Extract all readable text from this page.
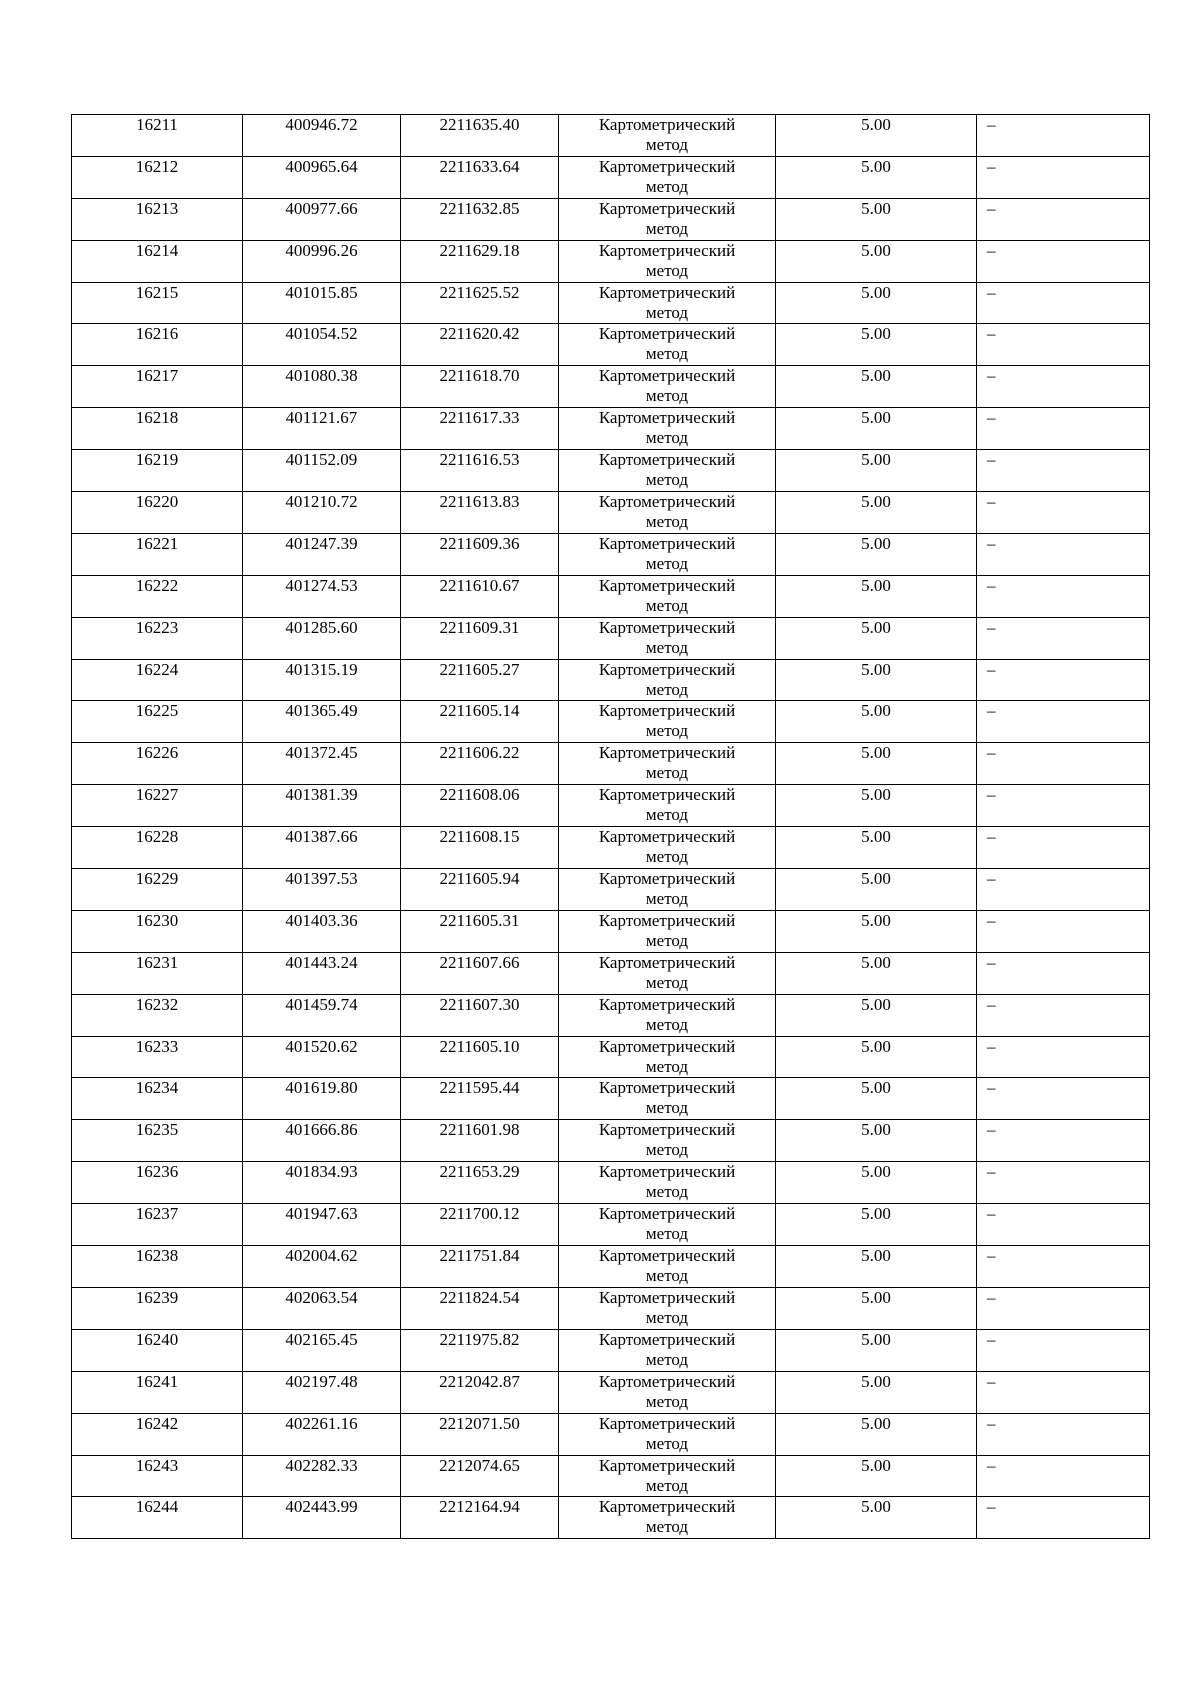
16211	400946.72	2211635.40	Картометрический
метод	5.00	–
16212	400965.64	2211633.64	Картометрический
метод	5.00	–
16213	400977.66	2211632.85	Картометрический
метод	5.00	–
16214	400996.26	2211629.18	Картометрический
метод	5.00	–
16215	401015.85	2211625.52	Картометрический
метод	5.00	–
16216	401054.52	2211620.42	Картометрический
метод	5.00	–
16217	401080.38	2211618.70	Картометрический
метод	5.00	–
16218	401121.67	2211617.33	Картометрический
метод	5.00	–
16219	401152.09	2211616.53	Картометрический
метод	5.00	–
16220	401210.72	2211613.83	Картометрический
метод	5.00	–
16221	401247.39	2211609.36	Картометрический
метод	5.00	–
16222	401274.53	2211610.67	Картометрический
метод	5.00	–
16223	401285.60	2211609.31	Картометрический
метод	5.00	–
16224	401315.19	2211605.27	Картометрический
метод	5.00	–
16225	401365.49	2211605.14	Картометрический
метод	5.00	–
16226	401372.45	2211606.22	Картометрический
метод	5.00	–
16227	401381.39	2211608.06	Картометрический
метод	5.00	–
16228	401387.66	2211608.15	Картометрический
метод	5.00	–
16229	401397.53	2211605.94	Картометрический
метод	5.00	–
16230	401403.36	2211605.31	Картометрический
метод	5.00	–
16231	401443.24	2211607.66	Картометрический
метод	5.00	–
16232	401459.74	2211607.30	Картометрический
метод	5.00	–
16233	401520.62	2211605.10	Картометрический
метод	5.00	–
16234	401619.80	2211595.44	Картометрический
метод	5.00	–
16235	401666.86	2211601.98	Картометрический
метод	5.00	–
16236	401834.93	2211653.29	Картометрический
метод	5.00	–
16237	401947.63	2211700.12	Картометрический
метод	5.00	–
16238	402004.62	2211751.84	Картометрический
метод	5.00	–
16239	402063.54	2211824.54	Картометрический
метод	5.00	–
16240	402165.45	2211975.82	Картометрический
метод	5.00	–
16241	402197.48	2212042.87	Картометрический
метод	5.00	–
16242	402261.16	2212071.50	Картометрический
метод	5.00	–
16243	402282.33	2212074.65	Картометрический
метод	5.00	–
16244	402443.99	2212164.94	Картометрический
метод	5.00	–
